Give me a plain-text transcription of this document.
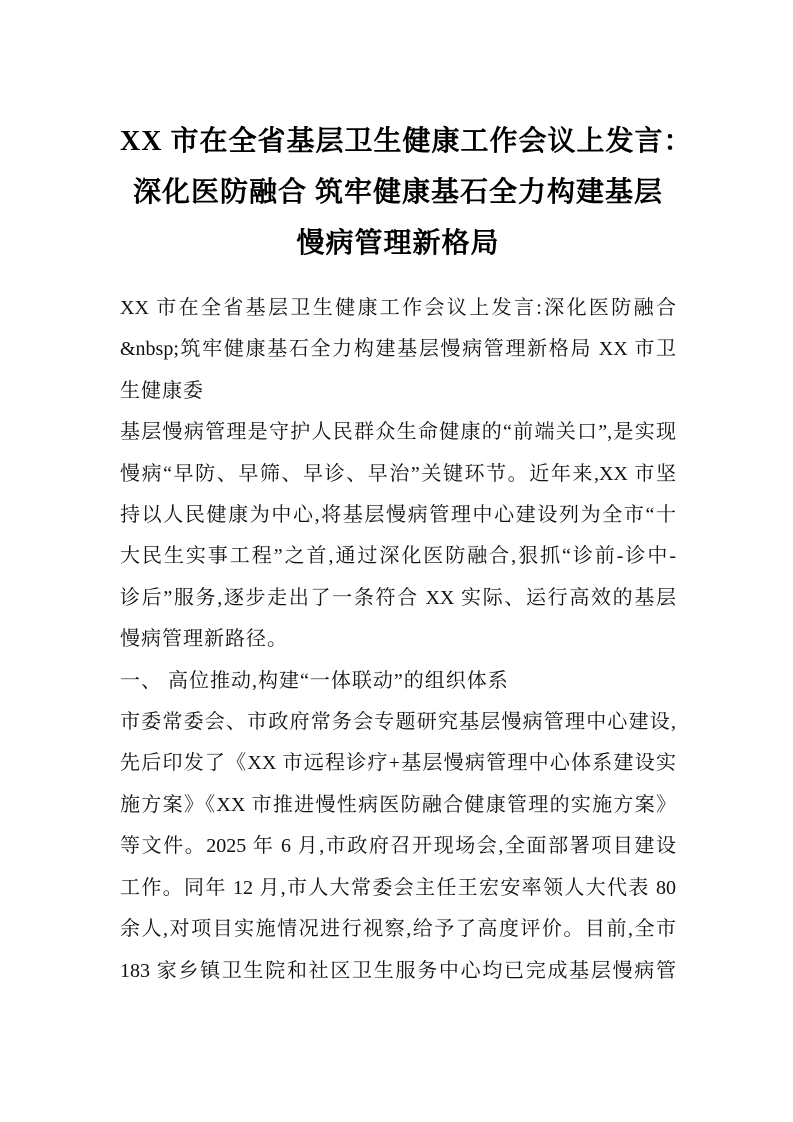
XX 市在全省基层卫生健康工作会议上发言：
深化医防融合 筑牢健康基石全力构建基层
慢病管理新格局

XX 市在全省基层卫生健康工作会议上发言:深化医防融合
&nbsp;筑牢健康基石全力构建基层慢病管理新格局 XX 市卫
生健康委

基层慢病管理是守护人民群众生命健康的“前端关口”,是实现
慢病“早防、早筛、早诊、早治”关键环节。近年来,XX 市坚
持以人民健康为中心,将基层慢病管理中心建设列为全市“十
大民生实事工程”之首,通过深化医防融合,狠抓“诊前-诊中-
诊后”服务,逐步走出了一条符合 XX 实际、运行高效的基层
慢病管理新路径。

一、 高位推动,构建“一体联动”的组织体系

市委常委会、市政府常务会专题研究基层慢病管理中心建设,
先后印发了《XX 市远程诊疗+基层慢病管理中心体系建设实
施方案》《XX 市推进慢性病医防融合健康管理的实施方案》
等文件。2025 年 6 月,市政府召开现场会,全面部署项目建设
工作。同年 12 月,市人大常委会主任王宏安率领人大代表 80
余人,对项目实施情况进行视察,给予了高度评价。目前,全市
183 家乡镇卫生院和社区卫生服务中心均已完成基层慢病管
